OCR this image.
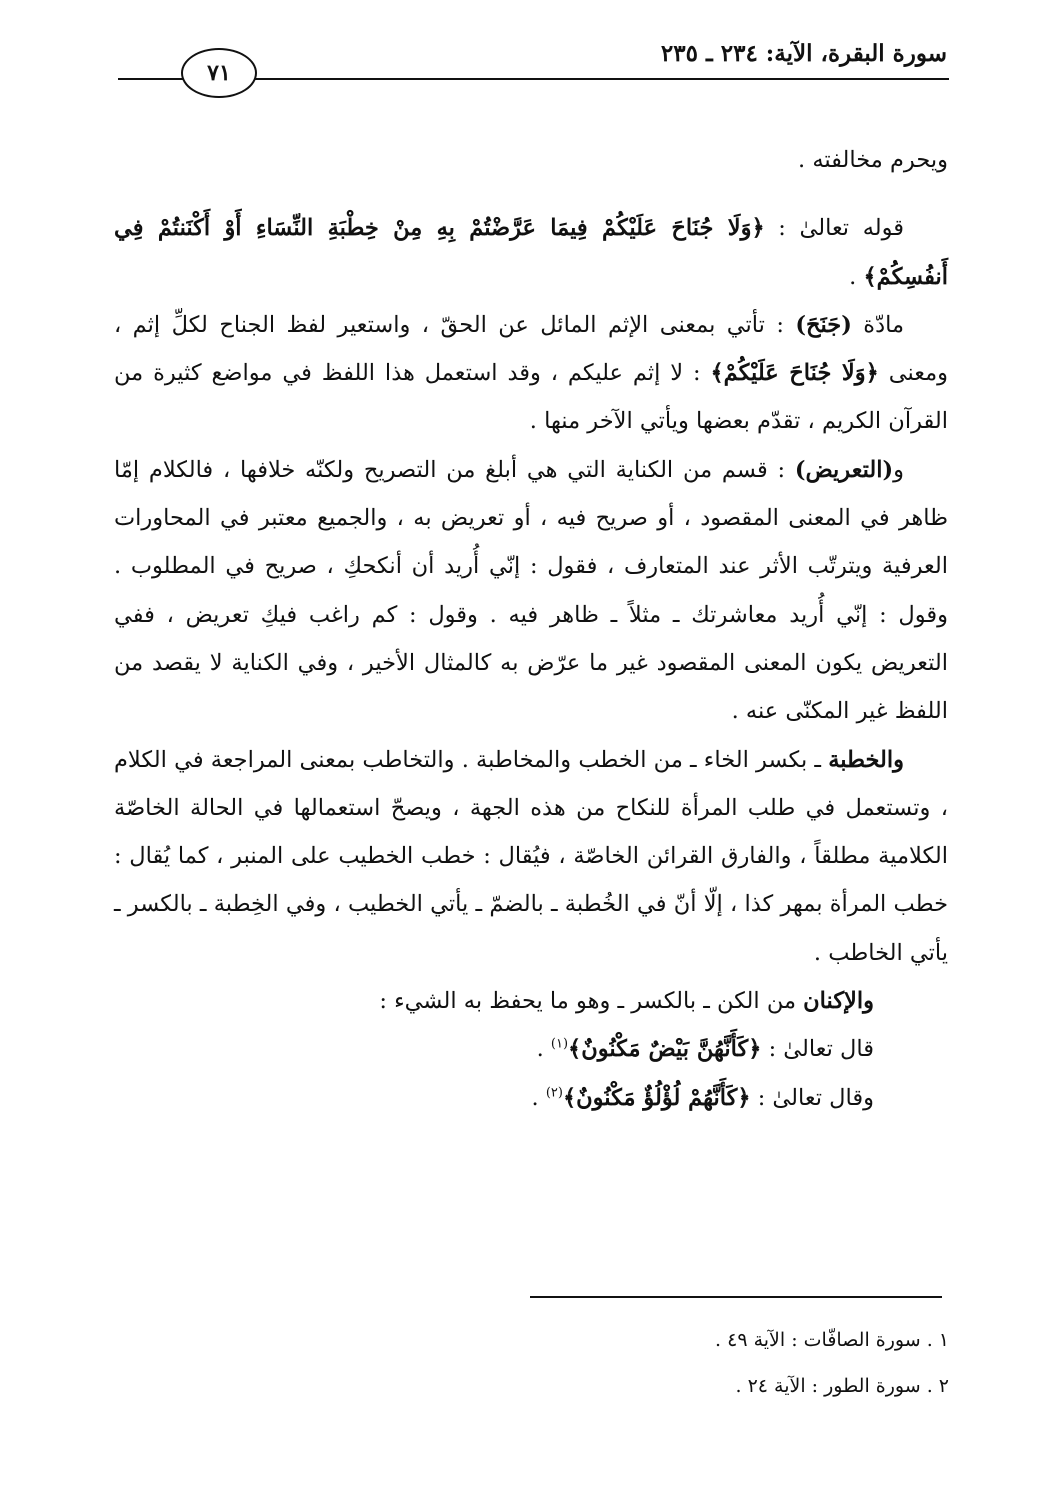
سورة البقرة، الآية: ٢٣٤ ـ ٢٣٥
٧١

ويحرم مخالفته .

قوله تعالىٰ : ﴿وَلَا جُنَاحَ عَلَيْكُمْ فِيمَا عَرَّضْتُمْ بِهِ مِنْ خِطْبَةِ النِّسَاءِ أَوْ أَكْنَنتُمْ فِي أَنفُسِكُمْ﴾ .

مادّة (جَنَحَ) : تأتي بمعنى الإثم المائل عن الحقّ ، واستعير لفظ الجناح لكلِّ إثم ، ومعنى ﴿وَلَا جُنَاحَ عَلَيْكُمْ﴾ : لا إثم عليكم ، وقد استعمل هذا اللفظ في مواضع كثيرة من القرآن الكريم ، تقدّم بعضها ويأتي الآخر منها .

و(التعريض) : قسم من الكناية التي هي أبلغ من التصريح ولكنّه خلافها ، فالكلام إمّا ظاهر في المعنى المقصود ، أو صريح فيه ، أو تعريض به ، والجميع معتبر في المحاورات العرفية ويترتّب الأثر عند المتعارف ، فقول : إنّي أُريد أن أنكحكِ ، صريح في المطلوب . وقول : إنّي أُريد معاشرتك ـ مثلاً ـ ظاهر فيه . وقول : كم راغب فيكِ تعريض ، ففي التعريض يكون المعنى المقصود غير ما عرّض به كالمثال الأخير ، وفي الكناية لا يقصد من اللفظ غير المكنّى عنه .

والخطبة ـ بكسر الخاء ـ من الخطب والمخاطبة . والتخاطب بمعنى المراجعة في الكلام ، وتستعمل في طلب المرأة للنكاح من هذه الجهة ، ويصحّ استعمالها في الحالة الخاصّة الكلامية مطلقاً ، والفارق القرائن الخاصّة ، فيُقال : خطب الخطيب على المنبر ، كما يُقال : خطب المرأة بمهر كذا ، إلّا أنّ في الخُطبة ـ بالضمّ ـ يأتي الخطيب ، وفي الخِطبة ـ بالكسر ـ يأتي الخاطب .

والإكنان من الكن ـ بالكسر ـ وهو ما يحفظ به الشيء :

قال تعالىٰ : ﴿كَأَنَّهُنَّ بَيْضٌ مَكْنُونٌ﴾$^{(١)}$ .

وقال تعالىٰ : ﴿كَأَنَّهُمْ لُؤْلُؤٌ مَكْنُونٌ﴾$^{(٢)}$ .

١ . سورة الصافّات : الآية ٤٩ .

٢ . سورة الطور : الآية ٢٤ .
